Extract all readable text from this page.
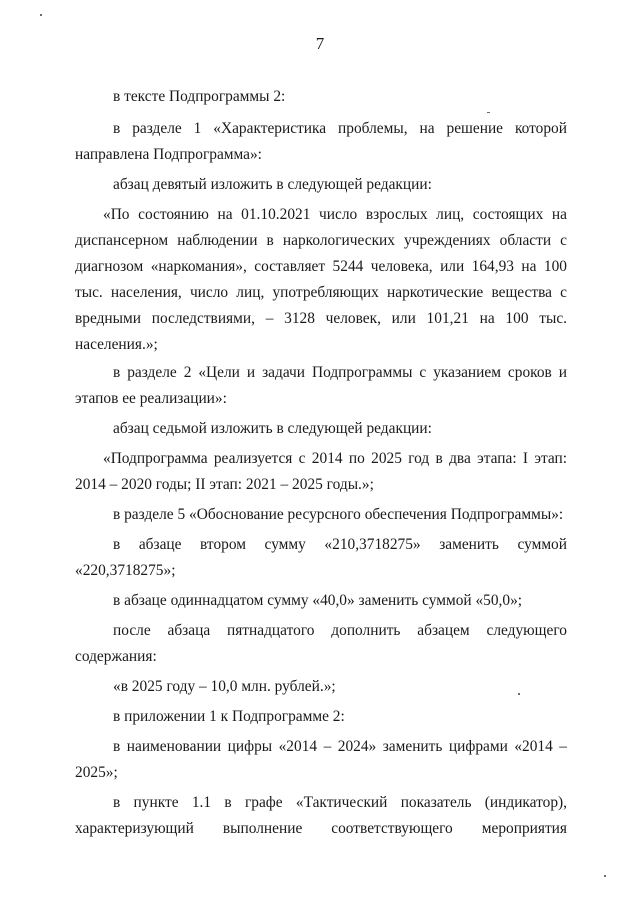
7

в тексте Подпрограммы 2:

в разделе 1 «Характеристика проблемы, на решение которой направлена Подпрограмма»:

абзац девятый изложить в следующей редакции:

«По состоянию на 01.10.2021 число взрослых лиц, состоящих на диспансерном наблюдении в наркологических учреждениях области с диагнозом «наркомания», составляет 5244 человека, или 164,93 на 100 тыс. населения, число лиц, употребляющих наркотические вещества с вредными последствиями, – 3128 человек, или 101,21 на 100 тыс. населения.»;

в разделе 2 «Цели и задачи Подпрограммы с указанием сроков и этапов ее реализации»:

абзац седьмой изложить в следующей редакции:

«Подпрограмма реализуется с 2014 по 2025 год в два этапа: I этап: 2014 – 2020 годы; II этап: 2021 – 2025 годы.»;

в разделе 5 «Обоснование ресурсного обеспечения Подпрограммы»:

в абзаце втором сумму «210,3718275» заменить суммой «220,3718275»;

в абзаце одиннадцатом сумму «40,0» заменить суммой «50,0»;

после абзаца пятнадцатого дополнить абзацем следующего содержания:

«в 2025 году – 10,0 млн. рублей.»;

в приложении 1 к Подпрограмме 2:

в наименовании цифры «2014 – 2024» заменить цифрами «2014 – 2025»;

в пункте 1.1 в графе «Тактический показатель (индикатор), характеризующий выполнение соответствующего мероприятия
